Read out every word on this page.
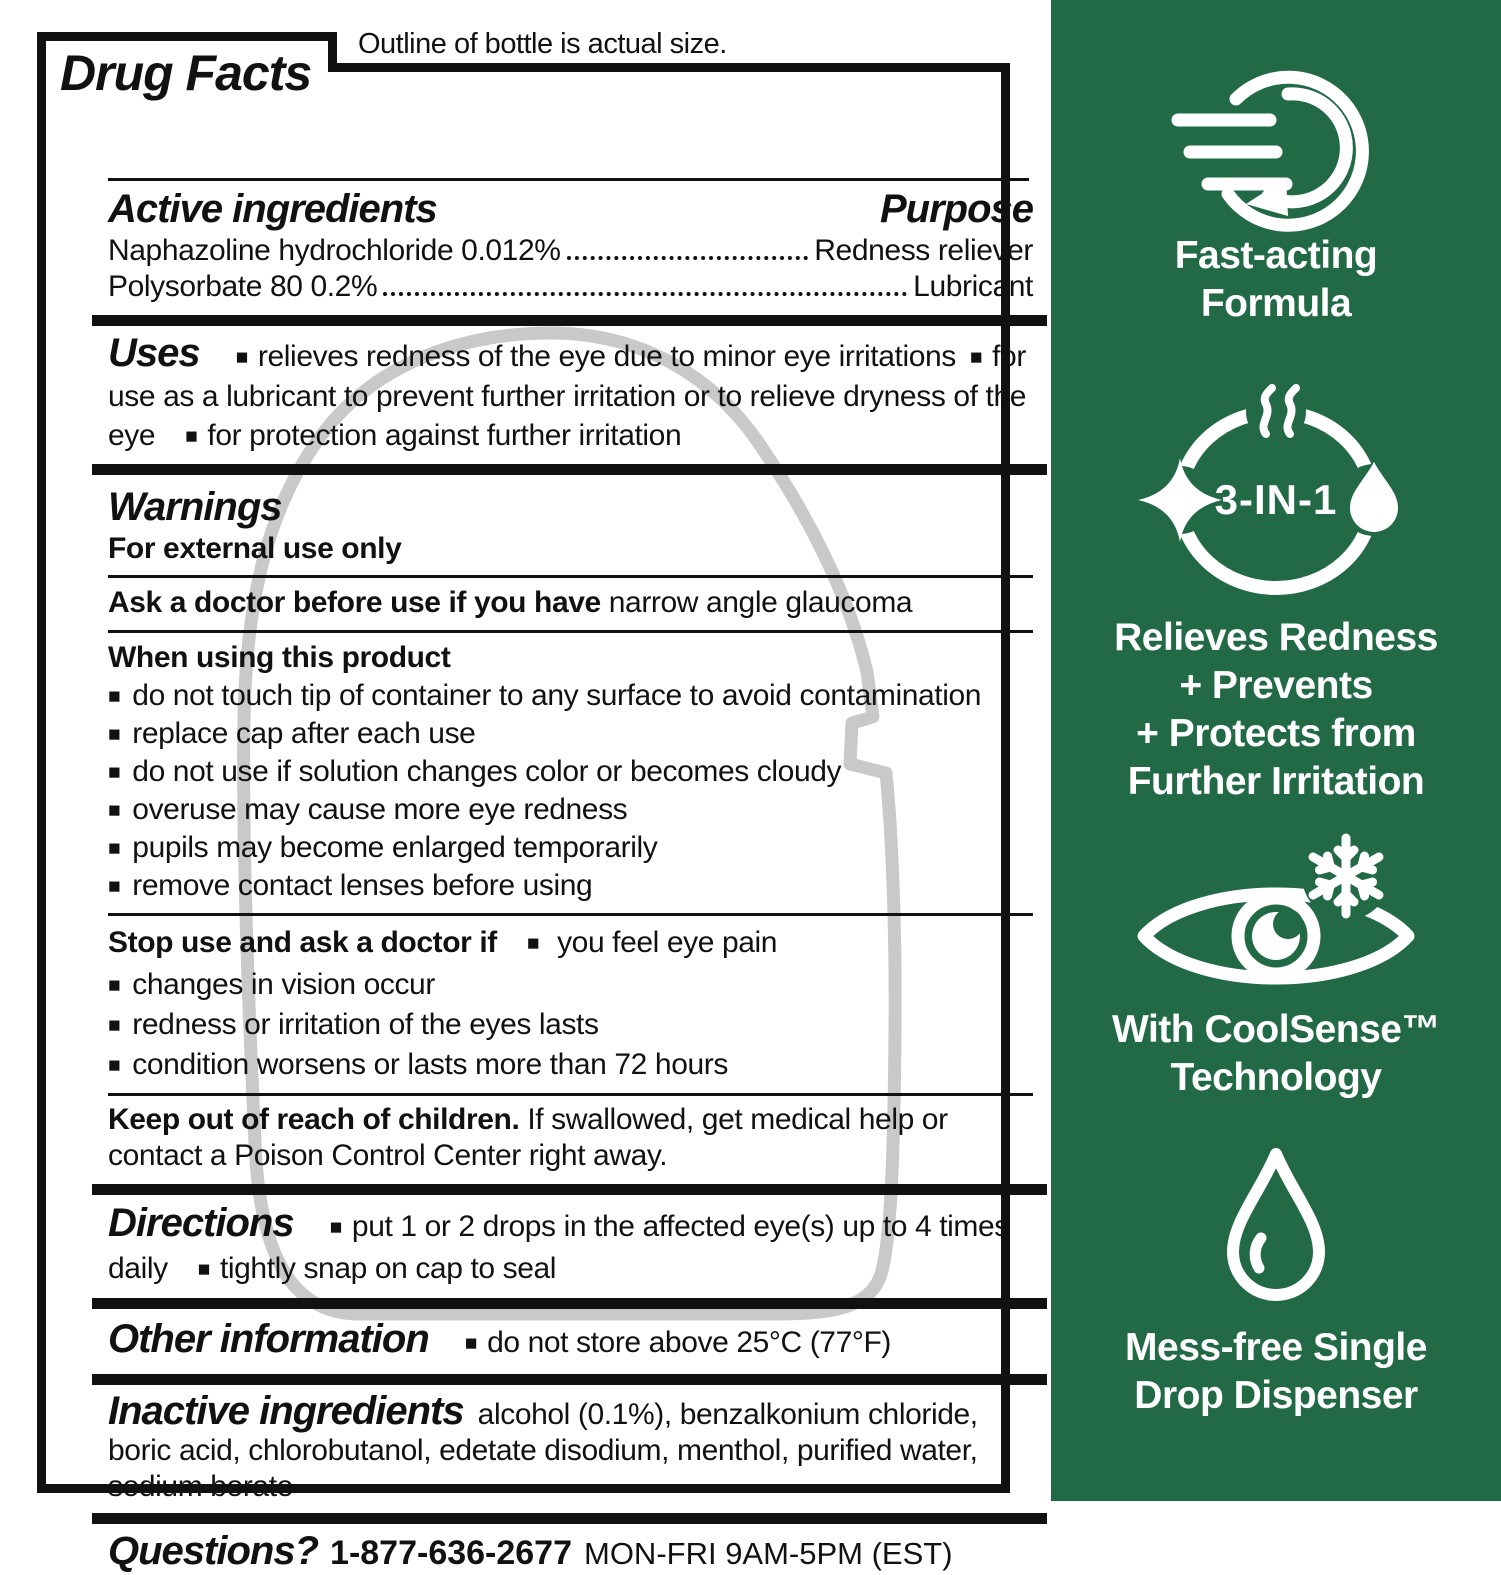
Outline of bottle is actual size.
Drug Facts
Active ingredients	Purpose
Naphazoline hydrochloride 0.012%	Redness reliever
Polysorbate 80 0.2%	Lubricant
Uses ■ relieves redness of the eye due to minor eye irritations ■ for use as a lubricant to prevent further irritation or to relieve dryness of the eye ■ for protection against further irritation
Warnings
For external use only
Ask a doctor before use if you have narrow angle glaucoma
When using this product
■ do not touch tip of container to any surface to avoid contamination
■ replace cap after each use
■ do not use if solution changes color or becomes cloudy
■ overuse may cause more eye redness
■ pupils may become enlarged temporarily
■ remove contact lenses before using
Stop use and ask a doctor if ■ you feel eye pain
■ changes in vision occur
■ redness or irritation of the eyes lasts
■ condition worsens or lasts more than 72 hours
Keep out of reach of children. If swallowed, get medical help or contact a Poison Control Center right away.
Directions ■ put 1 or 2 drops in the affected eye(s) up to 4 times daily ■ tightly snap on cap to seal
Other information ■ do not store above 25°C (77°F)
Inactive ingredients alcohol (0.1%), benzalkonium chloride, boric acid, chlorobutanol, edetate disodium, menthol, purified water, sodium borate
Questions? 1-877-636-2677 MON-FRI 9AM-5PM (EST)
Fast-acting
Formula
3-IN-1
Relieves Redness
+ Prevents
+ Protects from
Further Irritation
With CoolSense™
Technology
Mess-free Single
Drop Dispenser
